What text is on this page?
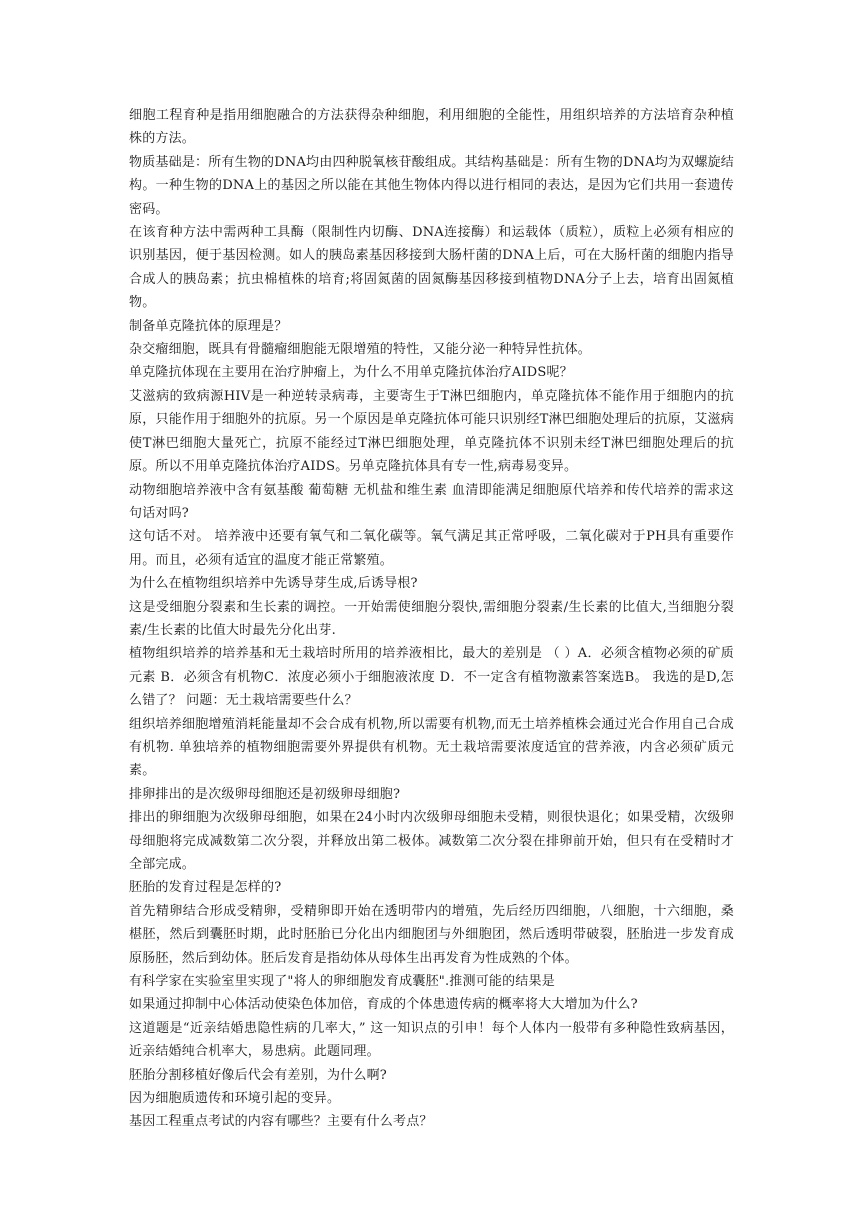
细胞工程育种是指用细胞融合的方法获得杂种细胞，利用细胞的全能性，用组织培养的方法培育杂种植株的方法。

物质基础是：所有生物的DNA均由四种脱氧核苷酸组成。其结构基础是：所有生物的DNA均为双螺旋结构。一种生物的DNA上的基因之所以能在其他生物体内得以进行相同的表达，是因为它们共用一套遗传密码。

在该育种方法中需两种工具酶（限制性内切酶、DNA连接酶）和运载体（质粒），质粒上必须有相应的识别基因，便于基因检测。如人的胰岛素基因移接到大肠杆菌的DNA上后，可在大肠杆菌的细胞内指导合成人的胰岛素；抗虫棉植株的培育;将固氮菌的固氮酶基因移接到植物DNA分子上去，培育出固氮植物。

制备单克隆抗体的原理是？

杂交瘤细胞，既具有骨髓瘤细胞能无限增殖的特性，又能分泌一种特异性抗体。

单克隆抗体现在主要用在治疗肿瘤上，为什么不用单克隆抗体治疗AIDS呢？

艾滋病的致病源HIV是一种逆转录病毒，主要寄生于T淋巴细胞内，单克隆抗体不能作用于细胞内的抗原，只能作用于细胞外的抗原。另一个原因是单克隆抗体可能只识别经T淋巴细胞处理后的抗原，艾滋病使T淋巴细胞大量死亡，抗原不能经过T淋巴细胞处理，单克隆抗体不识别未经T淋巴细胞处理后的抗原。所以不用单克隆抗体治疗AIDS。另单克隆抗体具有专一性,病毒易变异。

动物细胞培养液中含有氨基酸 葡萄糖 无机盐和维生素 血清即能满足细胞原代培养和传代培养的需求这句话对吗?

这句话不对。 培养液中还要有氧气和二氧化碳等。氧气满足其正常呼吸，二氧化碳对于PH具有重要作用。而且，必须有适宜的温度才能正常繁殖。

为什么在植物组织培养中先诱导芽生成,后诱导根?

这是受细胞分裂素和生长素的调控。一开始需使细胞分裂快,需细胞分裂素/生长素的比值大,当细胞分裂素/生长素的比值大时最先分化出芽.

植物组织培养的培养基和无土栽培时所用的培养液相比，最大的差别是 （ ）A．必须含植物必须的矿质元素 B．必须含有机物C．浓度必须小于细胞液浓度 D．不一定含有植物激素答案选B。 我选的是D,怎么错了？ 问题：无土栽培需要些什么？

组织培养细胞增殖消耗能量却不会合成有机物,所以需要有机物,而无土培养植株会通过光合作用自己合成有机物. 单独培养的植物细胞需要外界提供有机物。无土栽培需要浓度适宜的营养液，内含必须矿质元素。

排卵排出的是次级卵母细胞还是初级卵母细胞?

排出的卵细胞为次级卵母细胞，如果在24小时内次级卵母细胞未受精，则很快退化；如果受精，次级卵母细胞将完成减数第二次分裂，并释放出第二极体。减数第二次分裂在排卵前开始，但只有在受精时才全部完成。

胚胎的发育过程是怎样的?

首先精卵结合形成受精卵，受精卵即开始在透明带内的增殖，先后经历四细胞，八细胞，十六细胞，桑椹胚，然后到囊胚时期，此时胚胎已分化出内细胞团与外细胞团，然后透明带破裂，胚胎进一步发育成原肠胚，然后到幼体。胚后发育是指幼体从母体生出再发育为性成熟的个体。

有科学家在实验室里实现了"将人的卵细胞发育成囊胚".推测可能的结果是

如果通过抑制中心体活动使染色体加倍，育成的个体患遗传病的概率将大大增加为什么?

这道题是“近亲结婚患隐性病的几率大，” 这一知识点的引申！每个人体内一般带有多种隐性致病基因，近亲结婚纯合机率大，易患病。此题同理。

胚胎分割移植好像后代会有差别，为什么啊?

因为细胞质遗传和环境引起的变异。

基因工程重点考试的内容有哪些？主要有什么考点？
